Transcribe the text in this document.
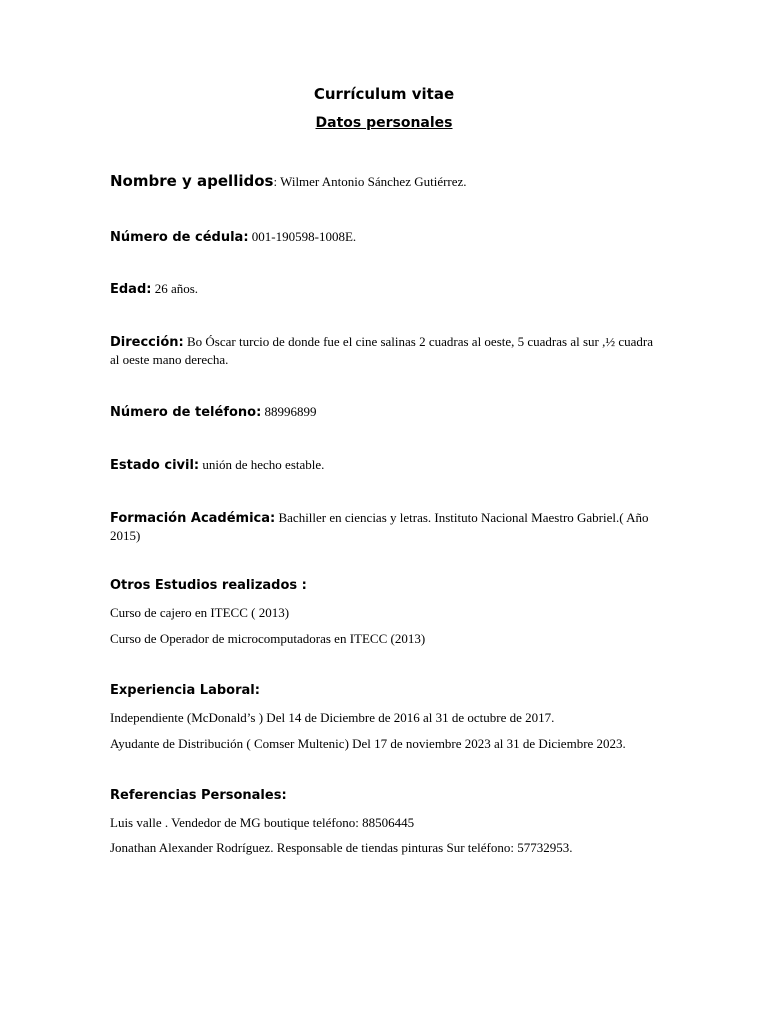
Currículum vitae
Datos personales
Nombre y apellidos: Wilmer Antonio Sánchez Gutiérrez.
Número de cédula: 001-190598-1008E.
Edad: 26 años.
Dirección: Bo Óscar turcio de donde fue el cine salinas 2 cuadras al oeste, 5 cuadras al sur ,½ cuadra al oeste mano derecha.
Número de teléfono: 88996899
Estado civil: unión de hecho estable.
Formación Académica: Bachiller en ciencias y letras. Instituto Nacional Maestro Gabriel.( Año 2015)
Otros Estudios realizados :
Curso de cajero en ITECC ( 2013)
Curso de Operador de microcomputadoras en ITECC (2013)
Experiencia Laboral:
Independiente (McDonald’s ) Del 14 de Diciembre de 2016 al 31 de octubre de 2017.
Ayudante de Distribución ( Comser Multenic) Del 17 de noviembre 2023 al 31 de Diciembre 2023.
Referencias Personales:
Luis valle . Vendedor de MG boutique teléfono: 88506445
Jonathan Alexander Rodríguez. Responsable de tiendas pinturas Sur teléfono: 57732953.
